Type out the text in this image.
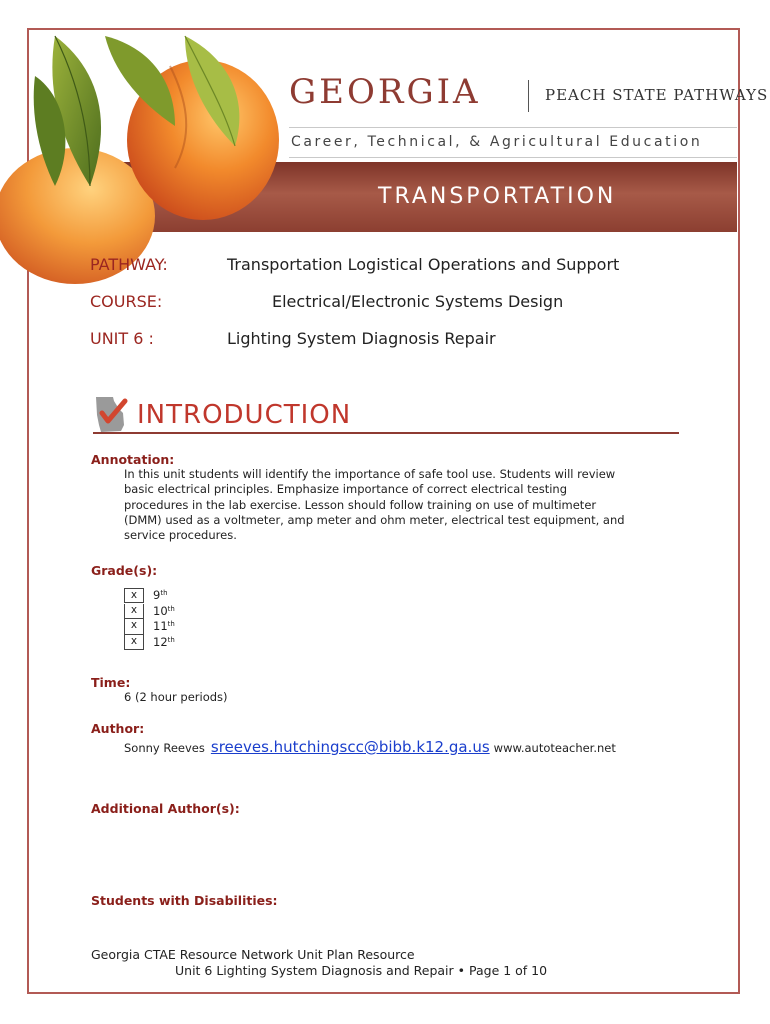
GEORGIA	PEACH STATE PATHWAYS
Career, Technical, & Agricultural Education
TRANSPORTATION
PATHWAY:	Transportation Logistical Operations and Support
COURSE:	Electrical/Electronic Systems Design
UNIT 6 :	Lighting System Diagnosis Repair
INTRODUCTION
Annotation:
In this unit students will identify the importance of safe tool use. Students will review
basic electrical principles. Emphasize importance of correct electrical testing
procedures in the lab exercise. Lesson should follow training on use of multimeter
(DMM) used as a voltmeter, amp meter and ohm meter, electrical test equipment, and
service procedures.
Grade(s):
x	9th
x	10th
x	11th
x	12th
Time:
6 (2 hour periods)
Author:
Sonny Reeves sreeves.hutchingscc@bibb.k12.ga.us www.autoteacher.net
Additional Author(s):
Students with Disabilities:
Georgia CTAE Resource Network Unit Plan Resource
Unit 6 Lighting System Diagnosis and Repair • Page 1 of 10
